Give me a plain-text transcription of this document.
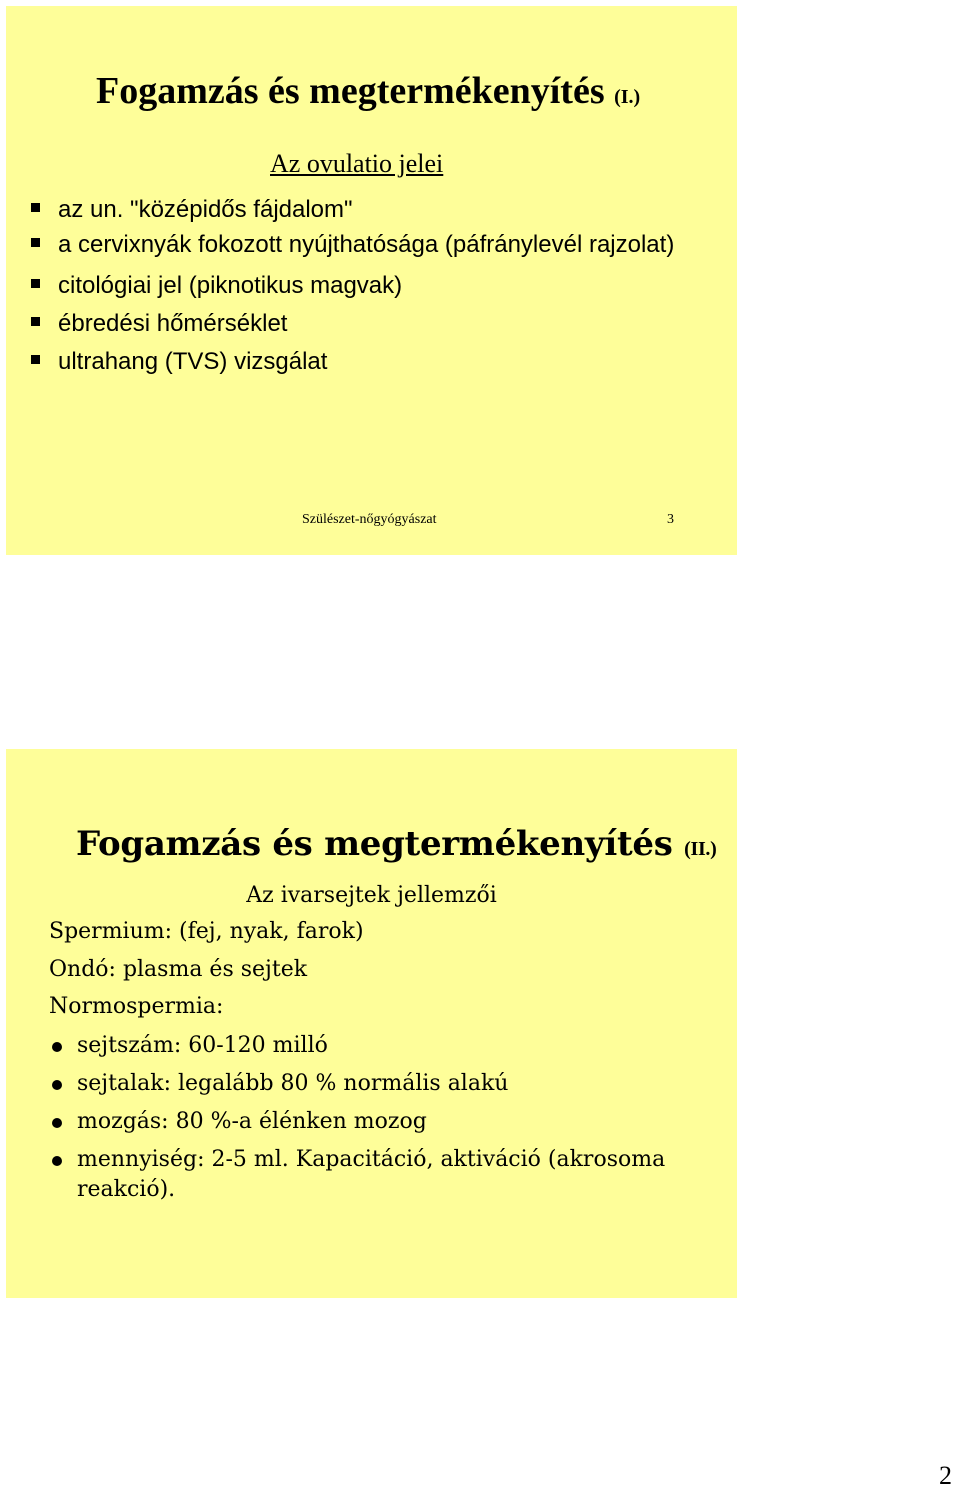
Fogamzás és megtermékenyítés (I.)
Az ovulatio jelei
az un. "középidős fájdalom"
a cervixnyák fokozott nyújthatósága (páfránylevél rajzolat)
citológiai jel (piknotikus magvak)
ébredési hőmérséklet
ultrahang (TVS) vizsgálat
Szülészet-nőgyógyászat	3
Fogamzás és megtermékenyítés (II.)
Az ivarsejtek jellemzői
Spermium: (fej, nyak, farok)
Ondó: plasma és sejtek
Normospermia:
sejtszám: 60-120 milló
sejtalak: legalább 80 % normális alakú
mozgás: 80 %-a élénken mozog
mennyiség: 2-5 ml. Kapacitáció, aktiváció (akrosoma reakció).
2
